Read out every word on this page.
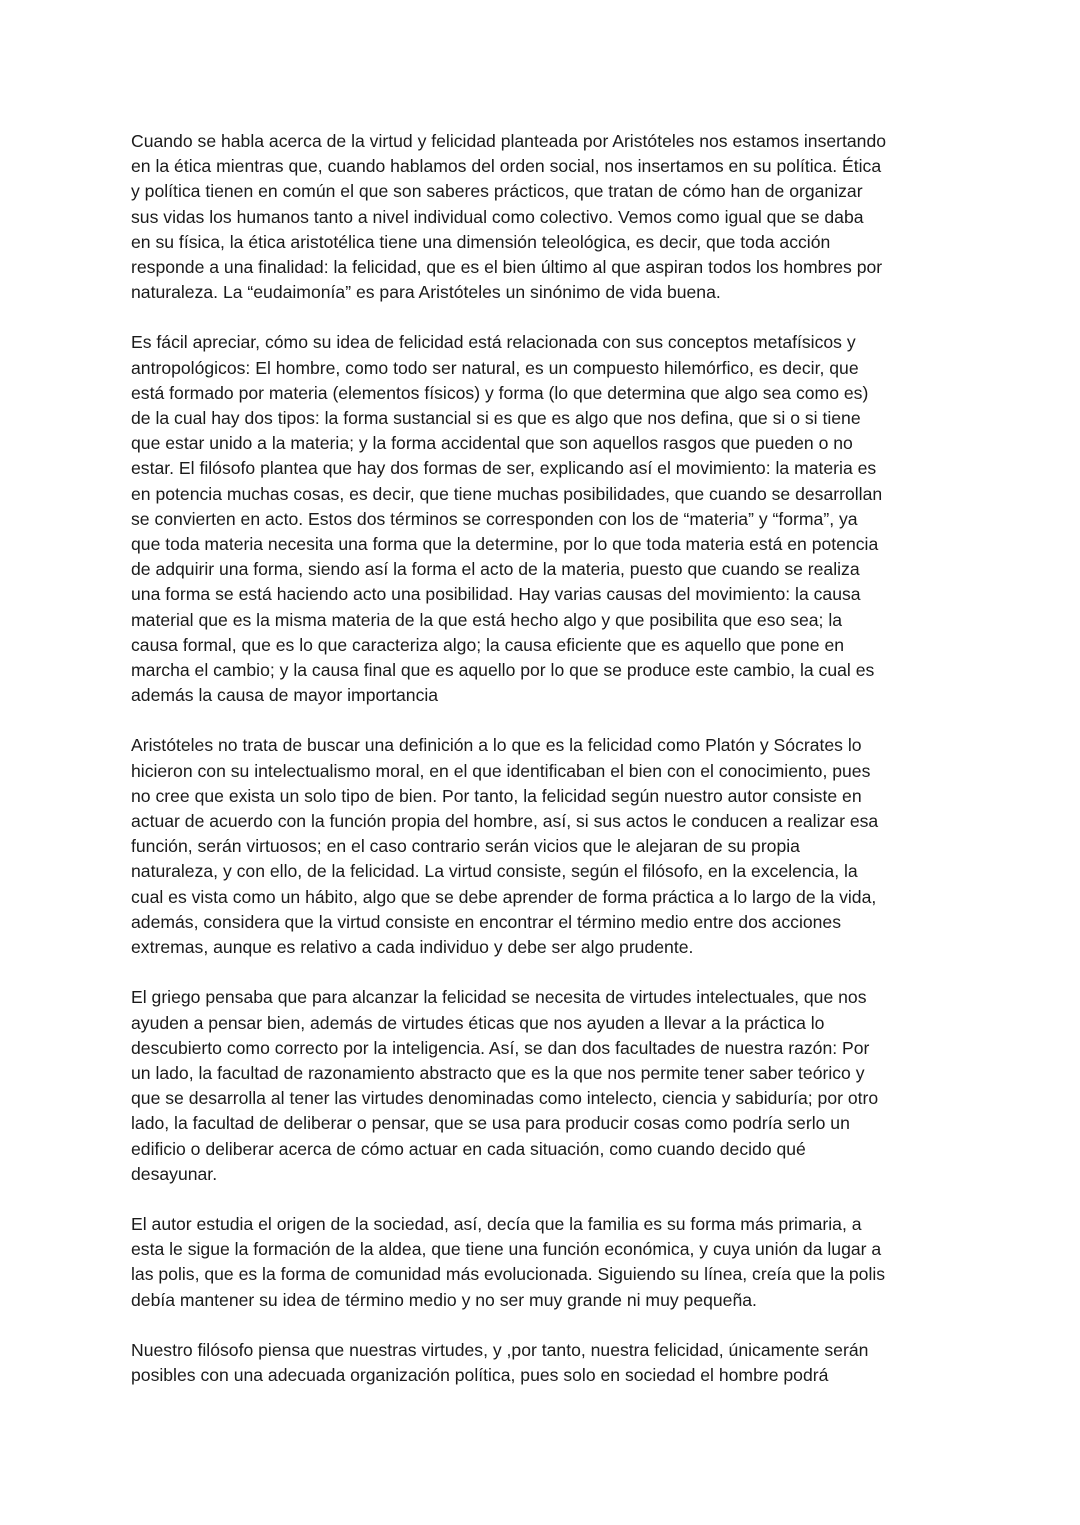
Cuando se habla acerca de la virtud y felicidad planteada por Aristóteles nos estamos insertando
en la ética mientras que, cuando hablamos del orden social, nos insertamos en su política. Ética
y política tienen en común el que son saberes prácticos, que tratan de cómo han de organizar
sus vidas los humanos tanto a nivel individual como colectivo. Vemos como igual que se daba
en su física, la ética aristotélica tiene una dimensión teleológica, es decir, que toda acción
responde a una finalidad: la felicidad, que es el bien último al que aspiran todos los hombres por
naturaleza. La “eudaimonía” es para Aristóteles un sinónimo de vida buena.

Es fácil apreciar, cómo su idea de felicidad está relacionada con sus conceptos metafísicos y
antropológicos: El hombre, como todo ser natural, es un compuesto hilemórfico, es decir, que
está formado por materia (elementos físicos) y forma (lo que determina que algo sea como es)
de la cual hay dos tipos: la forma sustancial si es que es algo que nos defina, que si o si tiene
que estar unido a la materia; y la forma accidental que son aquellos rasgos que pueden o no
estar. El filósofo plantea que hay dos formas de ser, explicando así el movimiento: la materia es
en potencia muchas cosas, es decir, que tiene muchas posibilidades, que cuando se desarrollan
se convierten en acto. Estos dos términos se corresponden con los de “materia” y “forma”, ya
que toda materia necesita una forma que la determine, por lo que toda materia está en potencia
de adquirir una forma, siendo así la forma el acto de la materia, puesto que cuando se realiza
una forma se está haciendo acto una posibilidad. Hay varias causas del movimiento: la causa
material que es la misma materia de la que está hecho algo y que posibilita que eso sea; la
causa formal, que es lo que caracteriza algo; la causa eficiente que es aquello que pone en
marcha el cambio; y la causa final que es aquello por lo que se produce este cambio, la cual es
además la causa de mayor importancia

Aristóteles no trata de buscar una definición a lo que es la felicidad como Platón y Sócrates lo
hicieron con su intelectualismo moral, en el que identificaban el bien con el conocimiento, pues
no cree que exista un solo tipo de bien. Por tanto, la felicidad según nuestro autor consiste en
actuar de acuerdo con la función propia del hombre, así, si sus actos le conducen a realizar esa
función, serán virtuosos; en el caso contrario serán vicios que le alejaran de su propia
naturaleza, y con ello, de la felicidad. La virtud consiste, según el filósofo, en la excelencia, la
cual es vista como un hábito, algo que se debe aprender de forma práctica a lo largo de la vida,
además, considera que la virtud consiste en encontrar el término medio entre dos acciones
extremas, aunque es relativo a cada individuo y debe ser algo prudente.

El griego pensaba que para alcanzar la felicidad se necesita de virtudes intelectuales, que nos
ayuden a pensar bien, además de virtudes éticas que nos ayuden a llevar a la práctica lo
descubierto como correcto por la inteligencia. Así, se dan dos facultades de nuestra razón: Por
un lado, la facultad de razonamiento abstracto que es la que nos permite tener saber teórico y
que se desarrolla al tener las virtudes denominadas como intelecto, ciencia y sabiduría; por otro
lado, la facultad de deliberar o pensar, que se usa para producir cosas como podría serlo un
edificio o deliberar acerca de cómo actuar en cada situación, como cuando decido qué
desayunar.

El autor estudia el origen de la sociedad, así, decía que la familia es su forma más primaria, a
esta le sigue la formación de la aldea, que tiene una función económica, y cuya unión da lugar a
las polis, que es la forma de comunidad más evolucionada. Siguiendo su línea, creía que la polis
debía mantener su idea de término medio y no ser muy grande ni muy pequeña.

Nuestro filósofo piensa que nuestras virtudes, y ,por tanto, nuestra felicidad, únicamente serán
posibles con una adecuada organización política, pues solo en sociedad el hombre podrá
